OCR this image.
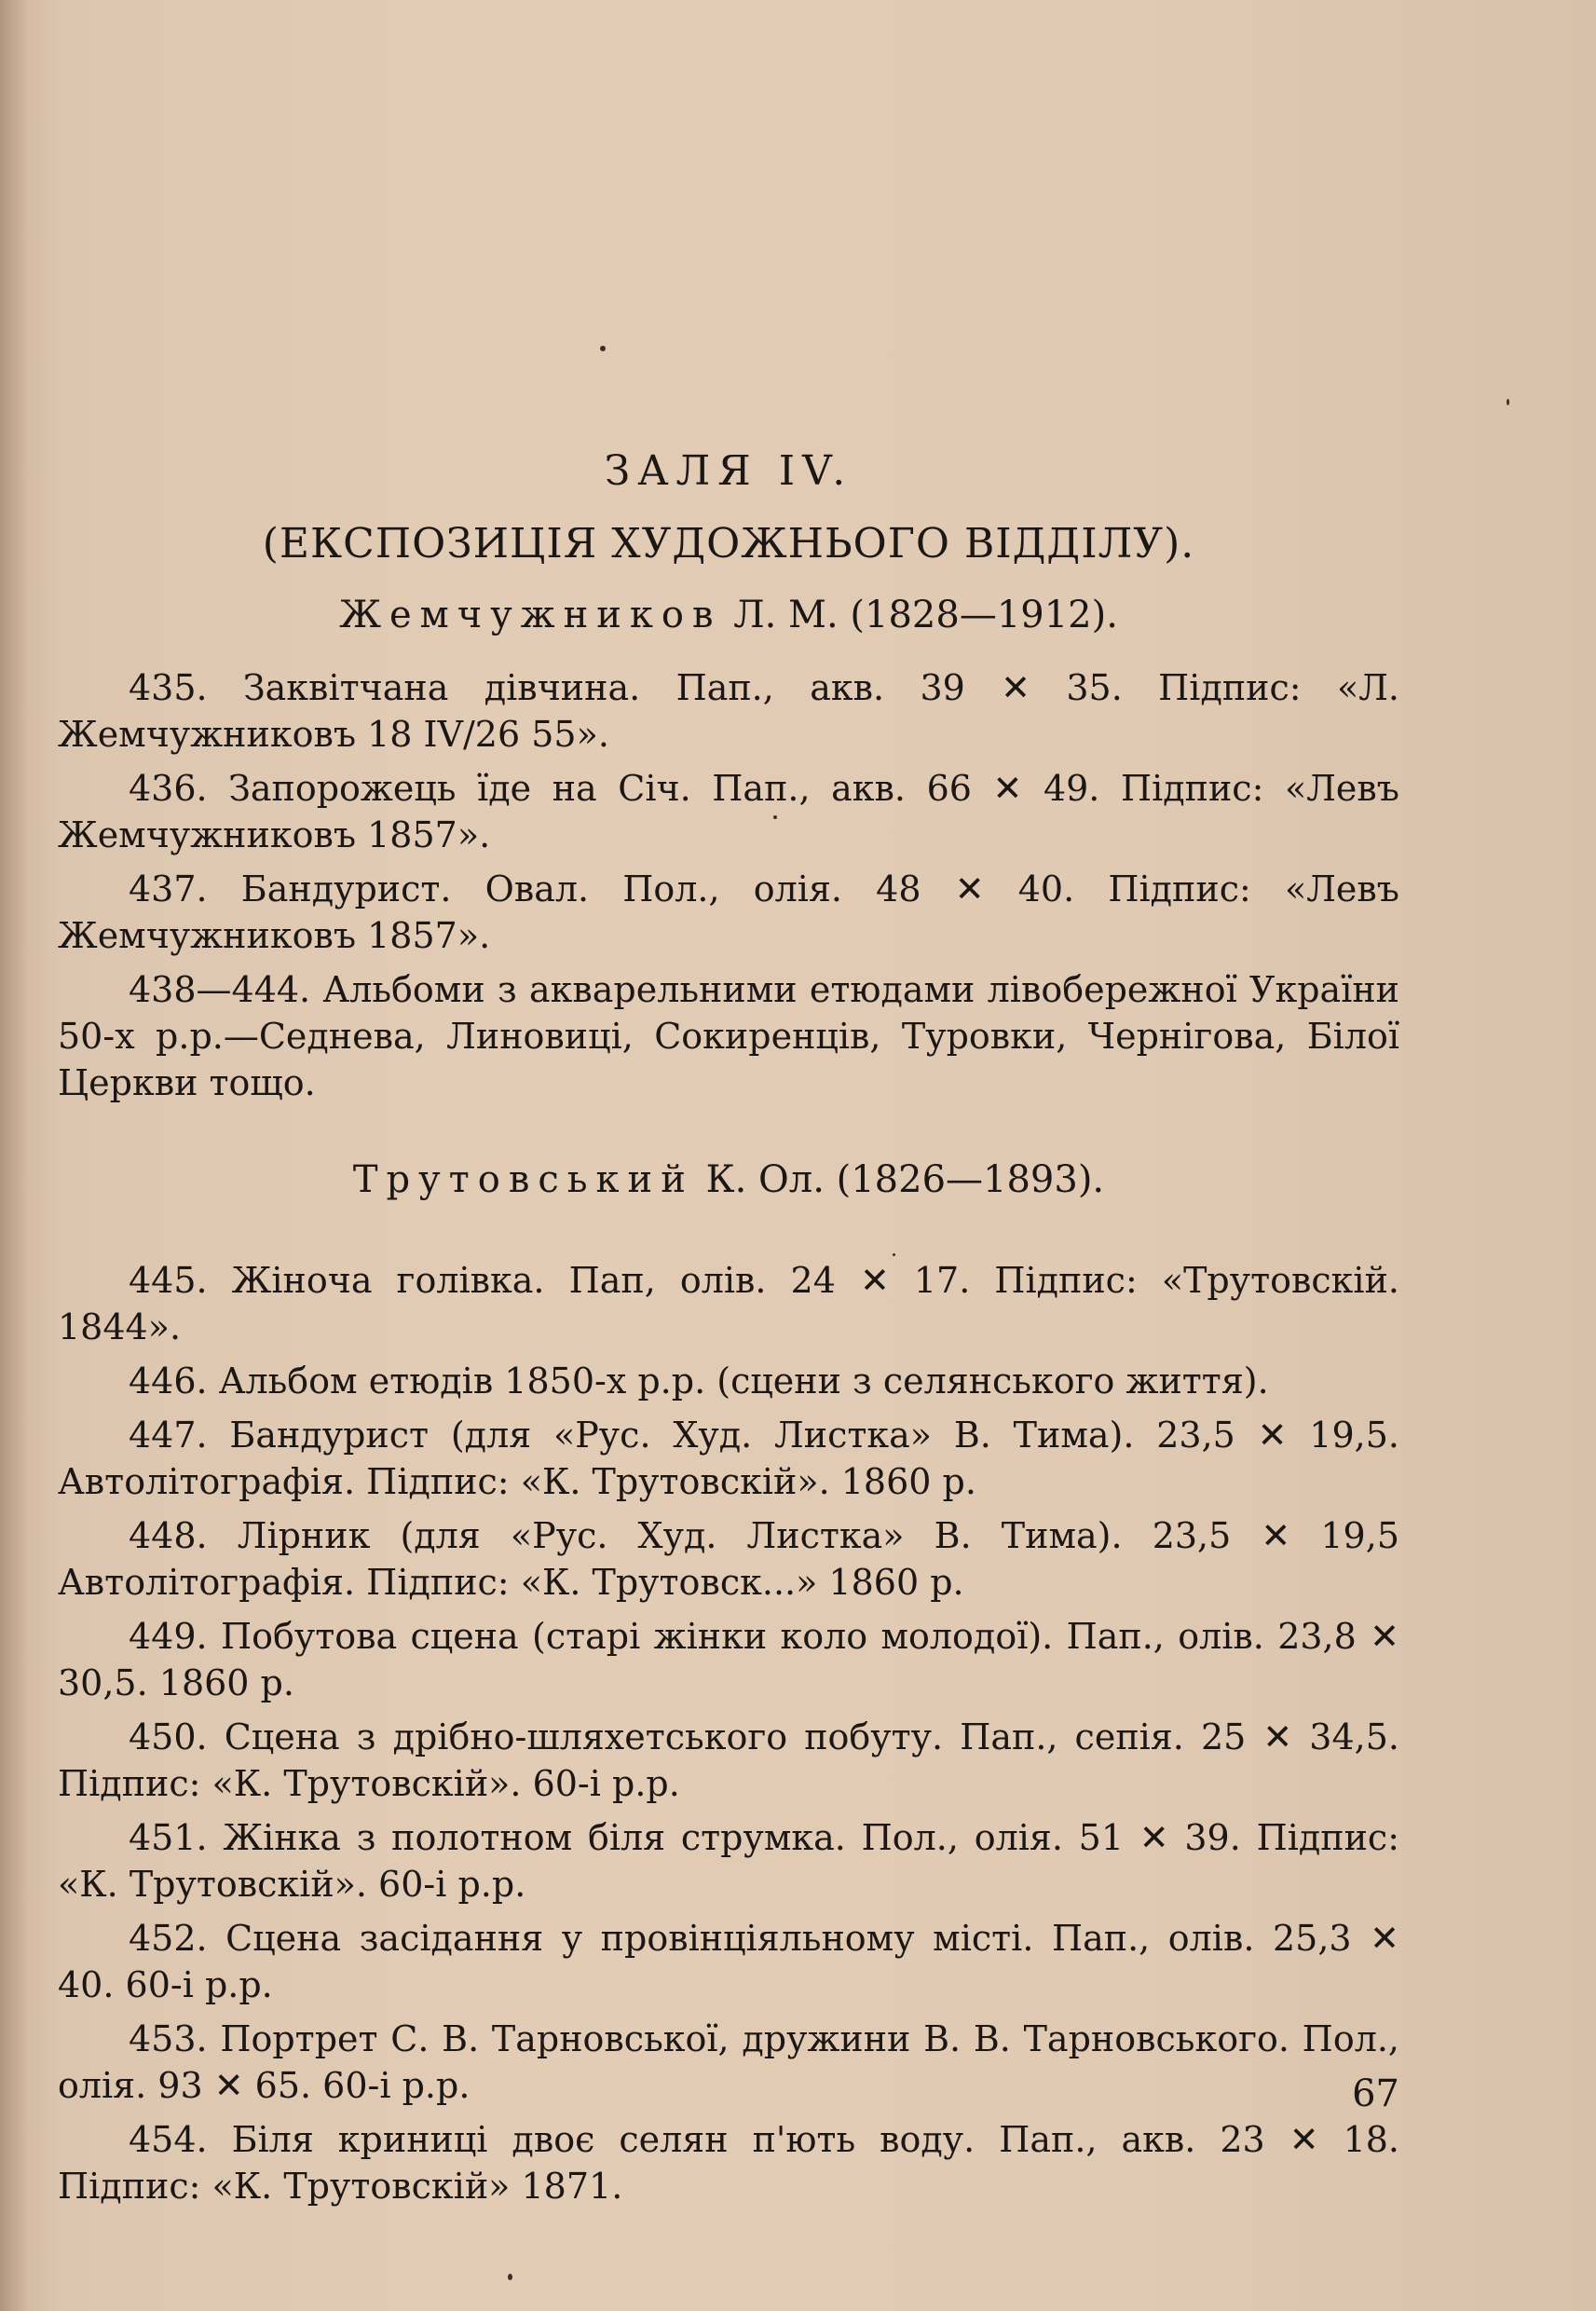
ЗАЛЯ IV.
(ЕКСПОЗИЦІЯ ХУДОЖНЬОГО ВІДДІЛУ).
Жемчужников Л. М. (1828—1912).
435. Заквітчана дівчина. Пап., акв. 39 ✕ 35. Підпис: «Л. Жемчужниковъ 18 IV/26 55».
436. Запорожець їде на Січ. Пап., акв. 66 ✕ 49. Підпис: «Левъ Жемчужниковъ 1857».
437. Бандурист. Овал. Пол., олія. 48 ✕ 40. Підпис: «Левъ Жемчужниковъ 1857».
438—444. Альбоми з акварельними етюдами лівобережної України 50-х р.р.—Седнева, Линовиці, Сокиренців, Туровки, Чернігова, Білої Церкви тощо.
Трутовський К. Ол. (1826—1893).
445. Жіноча голівка. Пап, олів. 24 ✕ 17. Підпис: «Трутовскій. 1844».
446. Альбом етюдів 1850-х р.р. (сцени з селянського життя).
447. Бандурист (для «Рус. Худ. Листка» В. Тима). 23,5 ✕ 19,5. Автолітографія. Підпис: «К. Трутовскій». 1860 р.
448. Лірник (для «Рус. Худ. Листка» В. Тима). 23,5 ✕ 19,5 Автолітографія. Підпис: «К. Трутовск...» 1860 р.
449. Побутова сцена (старі жінки коло молодої). Пап., олів. 23,8 ✕ 30,5. 1860 р.
450. Сцена з дрібно-шляхетського побуту. Пап., сепія. 25 ✕ 34,5. Підпис: «К. Трутовскій». 60-і р.р.
451. Жінка з полотном біля струмка. Пол., олія. 51 ✕ 39. Підпис: «К. Трутовскій». 60-і р.р.
452. Сцена засідання у провінціяльному місті. Пап., олів. 25,3 ✕ 40. 60-і р.р.
453. Портрет С. В. Тарновської, дружини В. В. Тарновського. Пол., олія. 93 ✕ 65. 60-і р.р.
454. Біля криниці двоє селян п'ють воду. Пап., акв. 23 ✕ 18. Підпис: «К. Трутовскій» 1871.
67
